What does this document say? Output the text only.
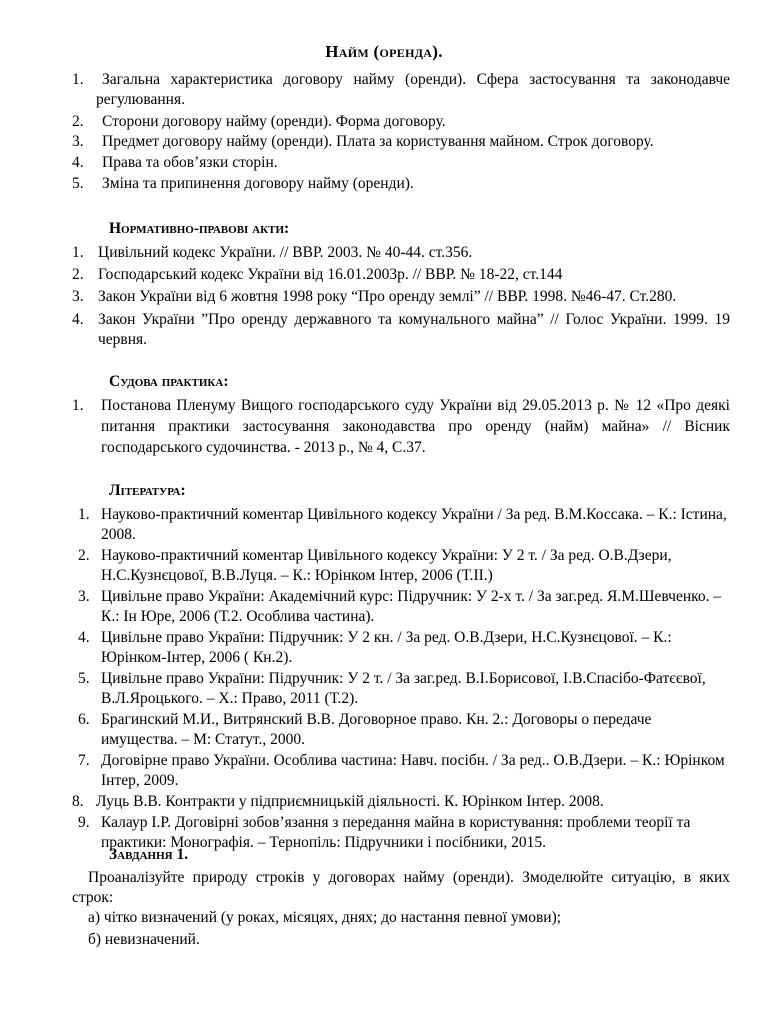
Найм (оренда).
1.	Загальна характеристика договору найму (оренди). Сфера застосування та законодавче регулювання.
2.	Сторони договору найму (оренди). Форма договору.
3.	Предмет договору найму (оренди). Плата за користування майном. Строк договору.
4.	Права та обов’язки сторін.
5.	Зміна та припинення договору найму (оренди).
Нормативно-правові акти:
1. Цивільний кодекс України. // ВВР. 2003. № 40-44. ст.356.
2. Господарський кодекс України від 16.01.2003р. // ВВР. № 18-22, ст.144
3. Закон України від 6 жовтня 1998 року “Про оренду землі” // ВВР. 1998. №46-47. Ст.280.
4. Закон України ”Про оренду державного та комунального майна” // Голос України. 1999. 19 червня.
Судова практика:
1. Постанова Пленуму Вищого господарського суду України від 29.05.2013 р. № 12 «Про деякі питання практики застосування законодавства про оренду (найм) майна» // Вісник господарського судочинства. - 2013 р., № 4, С.37.
Література:
1. Науково-практичний коментар Цивільного кодексу України / За ред. В.М.Коссака. – К.: Істина, 2008.
2. Науково-практичний коментар Цивільного кодексу України: У 2 т. / За ред. О.В.Дзери, Н.С.Кузнєцової, В.В.Луця. – К.: Юрінком Інтер, 2006 (Т.ІІ.)
3. Цивільне право України: Академічний курс: Підручник: У 2-х т. / За заг.ред. Я.М.Шевченко. – К.: Ін Юре, 2006 (Т.2. Особлива частина).
4. Цивільне право України: Підручник: У 2 кн. / За ред. О.В.Дзери, Н.С.Кузнєцової. – К.: Юрінком-Інтер, 2006 ( Кн.2).
5. Цивільне право України: Підручник: У 2 т. / За заг.ред. В.І.Борисової, І.В.Спасібо-Фатєєвої, В.Л.Яроцького. – Х.: Право, 2011 (Т.2).
6. Брагинский М.И., Витрянский В.В. Договорное право. Кн. 2.: Договоры о передаче имущества. – М: Статут., 2000.
7. Договірне право України. Особлива частина: Навч. посібн. / За ред.. О.В.Дзери. – К.: Юрінком Інтер, 2009.
8. Луць В.В. Контракти у підприємницькій діяльності. К. Юрінком Інтер. 2008.
9. Калаур І.Р. Договірні зобов’язання з передання майна в користування: проблеми теорії та практики: Монографія. – Тернопіль: Підручники і посібники, 2015.
Завдання 1.
Проаналізуйте природу строків у договорах найму (оренди). Змоделюйте ситуацію, в яких строк:
а) чітко визначений (у роках, місяцях, днях; до настання певної умови);
б) невизначений.
